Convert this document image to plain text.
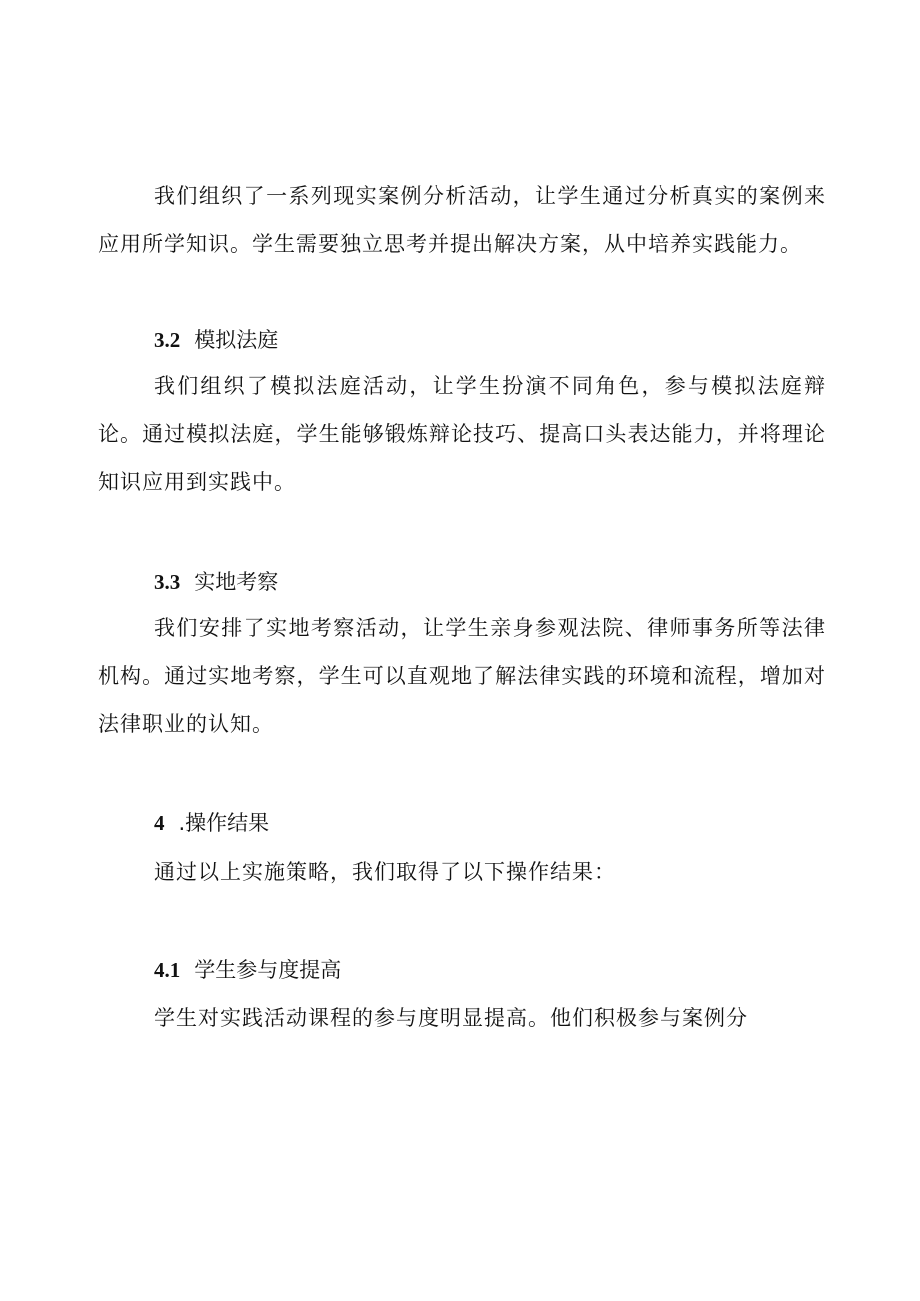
我们组织了一系列现实案例分析活动，让学生通过分析真实的案例来应用所学知识。学生需要独立思考并提出解决方案，从中培养实践能力。

3.2 模拟法庭

我们组织了模拟法庭活动，让学生扮演不同角色，参与模拟法庭辩论。通过模拟法庭，学生能够锻炼辩论技巧、提高口头表达能力，并将理论知识应用到实践中。

3.3 实地考察

我们安排了实地考察活动，让学生亲身参观法院、律师事务所等法律机构。通过实地考察，学生可以直观地了解法律实践的环境和流程，增加对法律职业的认知。

4 .操作结果

通过以上实施策略，我们取得了以下操作结果：

4.1 学生参与度提高

学生对实践活动课程的参与度明显提高。他们积极参与案例分
